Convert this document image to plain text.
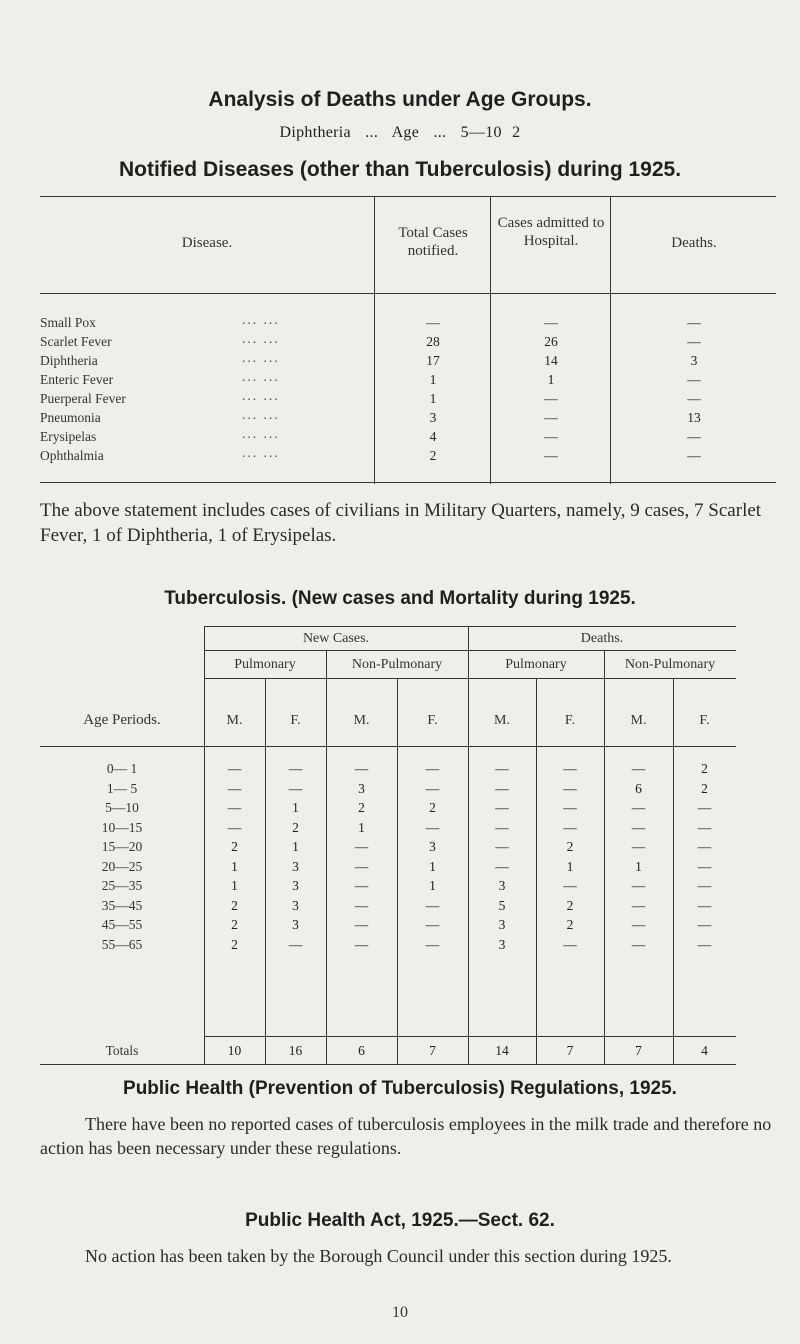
Analysis of Deaths under Age Groups.
Diphtheria ... Age ... 5—10 2
Notified Diseases (other than Tuberculosis) during 1925.
Disease.
Total Cases notified.
Cases admitted to Hospital.	Deaths.
Small Pox	... ...	—	—	—
Scarlet Fever	... ...	28	26	—
Diphtheria	... ...	17	14	3
Enteric Fever	... ...	1	1	—
Puerperal Fever	... ...	1	—	—
Pneumonia	... ...	3	—	13
Erysipelas	... ...	4	—	—
Ophthalmia	... ...	2	—	—
The above statement includes cases of civilians in Military Quarters, namely, 9 cases, 7 Scarlet Fever, 1 of Diphtheria, 1 of Erysipelas.
Tuberculosis. (New cases and Mortality during 1925.
New Cases.	Deaths.
Pulmonary	Non-Pulmonary	Pulmonary	Non-Pulmonary
Age Periods.	M.	F.	M.	F.	M.	F.	M.	F.
0— 1	—	—	—	—	—	—	—	2
1— 5	—	—	3	—	—	—	6	2
5—10	—	1	2	2	—	—	—	—
10—15	—	2	1	—	—	—	—	—
15—20	2	1	—	3	—	2	—	—
20—25	1	3	—	1	—	1	1	—
25—35	1	3	—	1	3	—	—	—
35—45	2	3	—	—	5	2	—	—
45—55	2	3	—	—	3	2	—	—
55—65	2	—	—	—	3	—	—	—
Totals	10	16	6	7	14	7	7	4
Public Health (Prevention of Tuberculosis) Regulations, 1925.
There have been no reported cases of tuberculosis employees in the milk trade and therefore no action has been necessary under these regulations.
Public Health Act, 1925.—Sect. 62.
No action has been taken by the Borough Council under this section during 1925.
10
